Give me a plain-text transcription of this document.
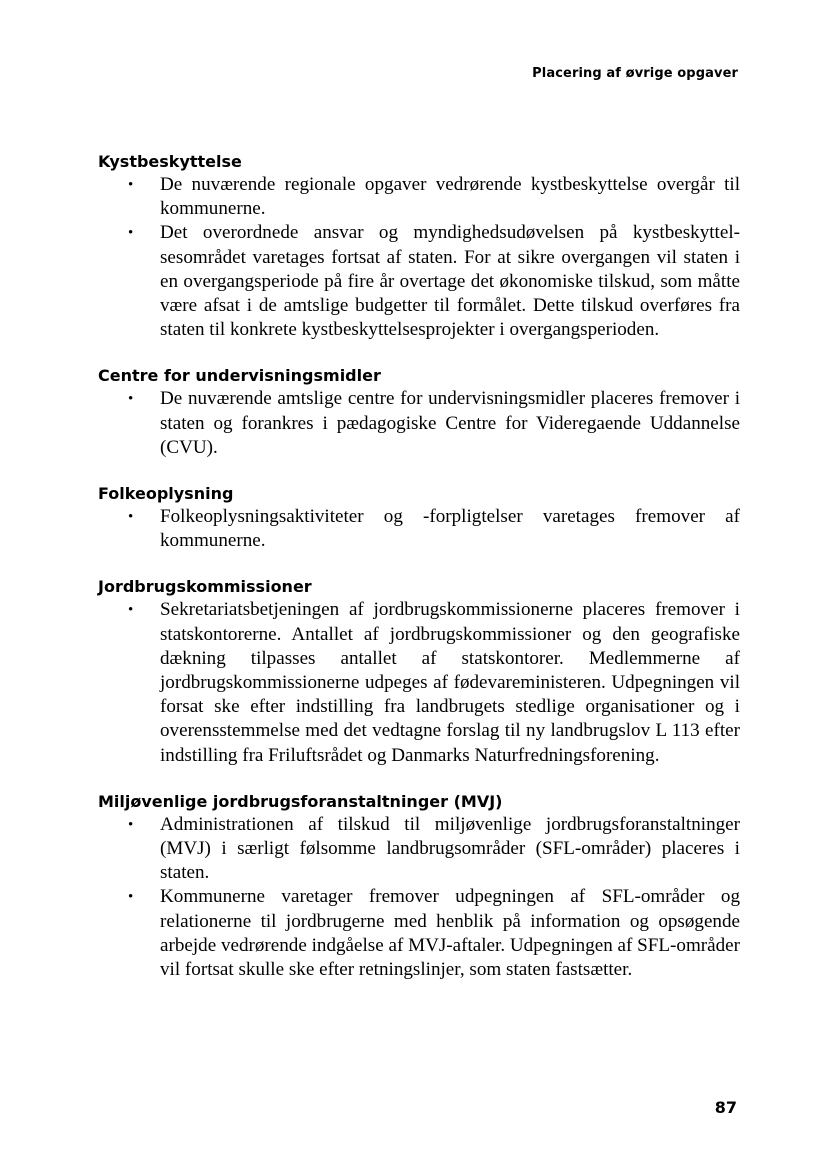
Placering af øvrige opgaver
Kystbeskyttelse
• De nuværende regionale opgaver vedrørende kystbeskyttelse overgår til kommunerne.
• Det overordnede ansvar og myndighedsudøvelsen på kystbeskyttelsesområdet varetages fortsat af staten. For at sikre overgangen vil staten i en overgangsperiode på fire år overtage det økonomiske tilskud, som måtte være afsat i de amtslige budgetter til formålet. Dette tilskud overføres fra staten til konkrete kystbeskyttelsesprojekter i overgangsperioden.
Centre for undervisningsmidler
• De nuværende amtslige centre for undervisningsmidler placeres fremover i staten og forankres i pædagogiske Centre for Videregaende Uddannelse (CVU).
Folkeoplysning
• Folkeoplysningsaktiviteter og -forpligtelser varetages fremover af kommunerne.
Jordbrugskommissioner
• Sekretariatsbetjeningen af jordbrugskommissionerne placeres fremover i statskontorerne. Antallet af jordbrugskommissioner og den geografiske dækning tilpasses antallet af statskontorer. Medlemmerne af jordbrugskommissionerne udpeges af fødevareministeren. Udpegningen vil forsat ske efter indstilling fra landbrugets stedlige organisationer og i overensstemmelse med det vedtagne forslag til ny landbrugslov L 113 efter indstilling fra Friluftsrådet og Danmarks Naturfredningsforening.
Miljøvenlige jordbrugsforanstaltninger (MVJ)
• Administrationen af tilskud til miljøvenlige jordbrugsforanstaltninger (MVJ) i særligt følsomme landbrugsområder (SFL-områder) placeres i staten.
• Kommunerne varetager fremover udpegningen af SFL-områder og relationerne til jordbrugerne med henblik på information og opsøgende arbejde vedrørende indgåelse af MVJ-aftaler. Udpegningen af SFL-områder vil fortsat skulle ske efter retningslinjer, som staten fastsætter.
87
